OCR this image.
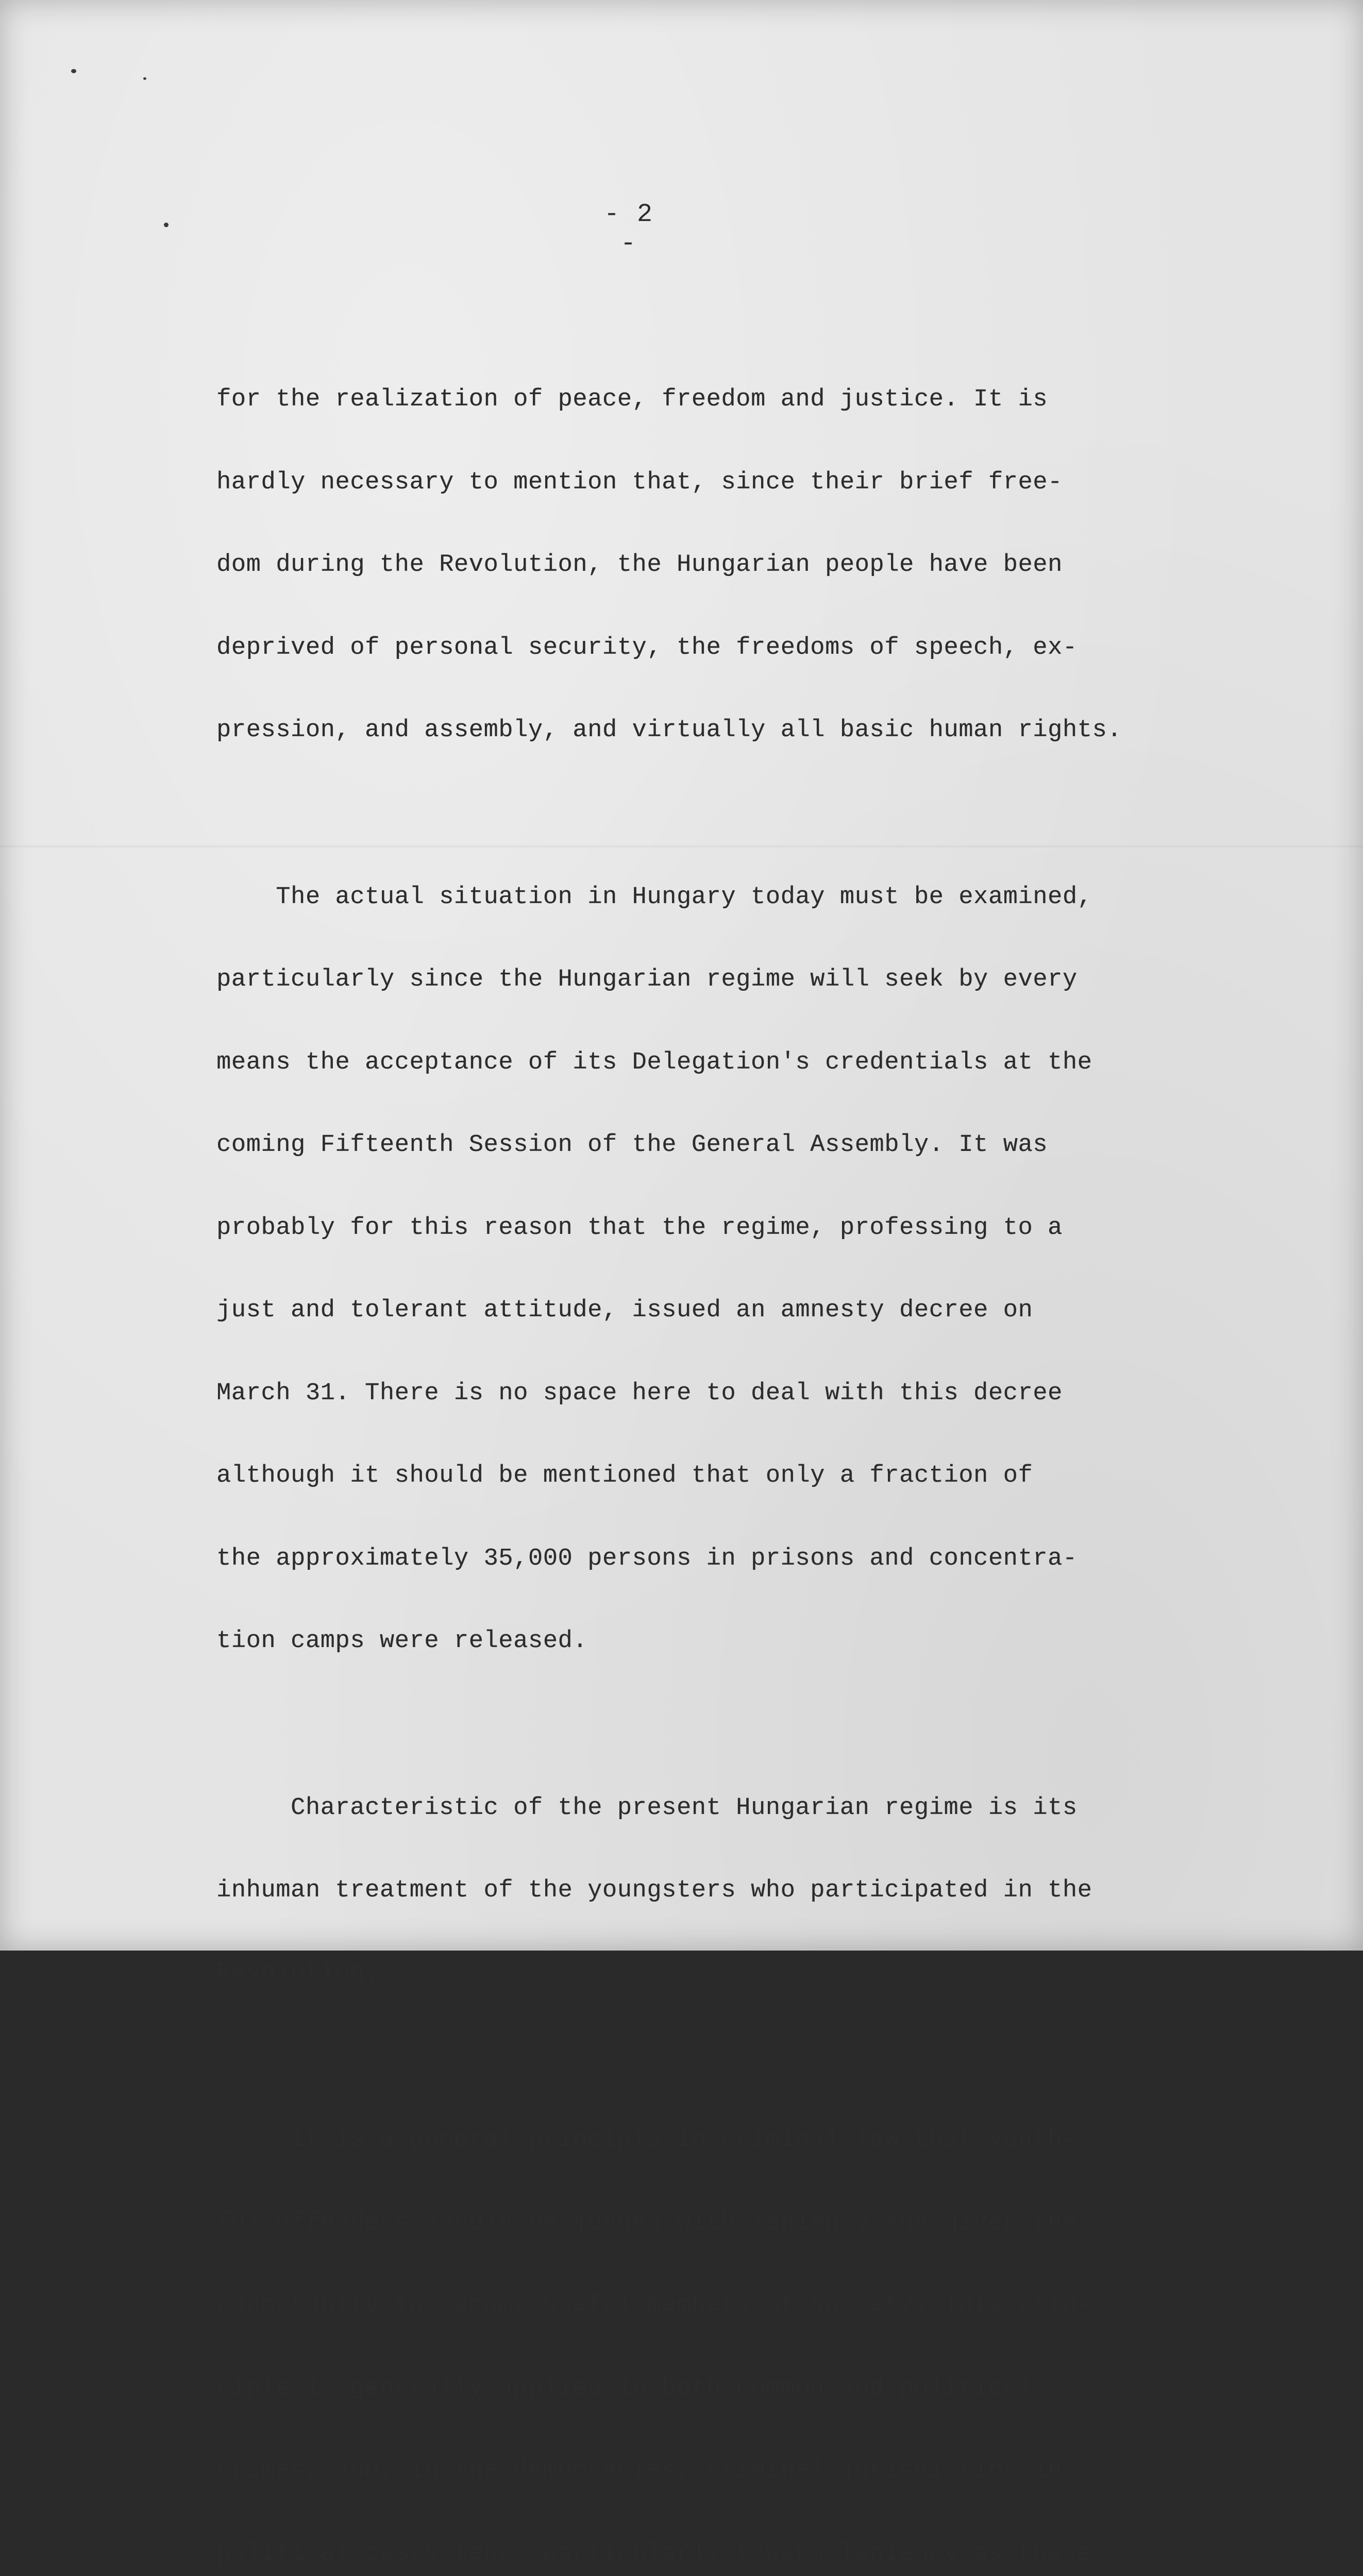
- 2 -

for the realization of peace, freedom and justice. It is

hardly necessary to mention that, since their brief free-

dom during the Revolution, the Hungarian people have been

deprived of personal security, the freedoms of speech, ex-

pression, and assembly, and virtually all basic human rights.

The actual situation in Hungary today must be examined,

particularly since the Hungarian regime will seek by every

means the acceptance of its Delegation's credentials at the

coming Fifteenth Session of the General Assembly. It was

probably for this reason that the regime, professing to a

just and tolerant attitude, issued an amnesty decree on

March 31. There is no space here to deal with this decree

although it should be mentioned that only a fraction of

the approximately 35,000 persons in prisons and concentra-

tion camps were released.

Characteristic of the present Hungarian regime is its

inhuman treatment of the youngsters who participated in the

Revolution.

It is a general principle in criminal law that youth-

ful offenders should be judged with leniency and given the

opportunity to become useful members of society. This prin-

ciple is generally applied in both common and political

crimes, and, in the democracies, criminal jurisdiction in

political cases tends particularly toward leniency as these
